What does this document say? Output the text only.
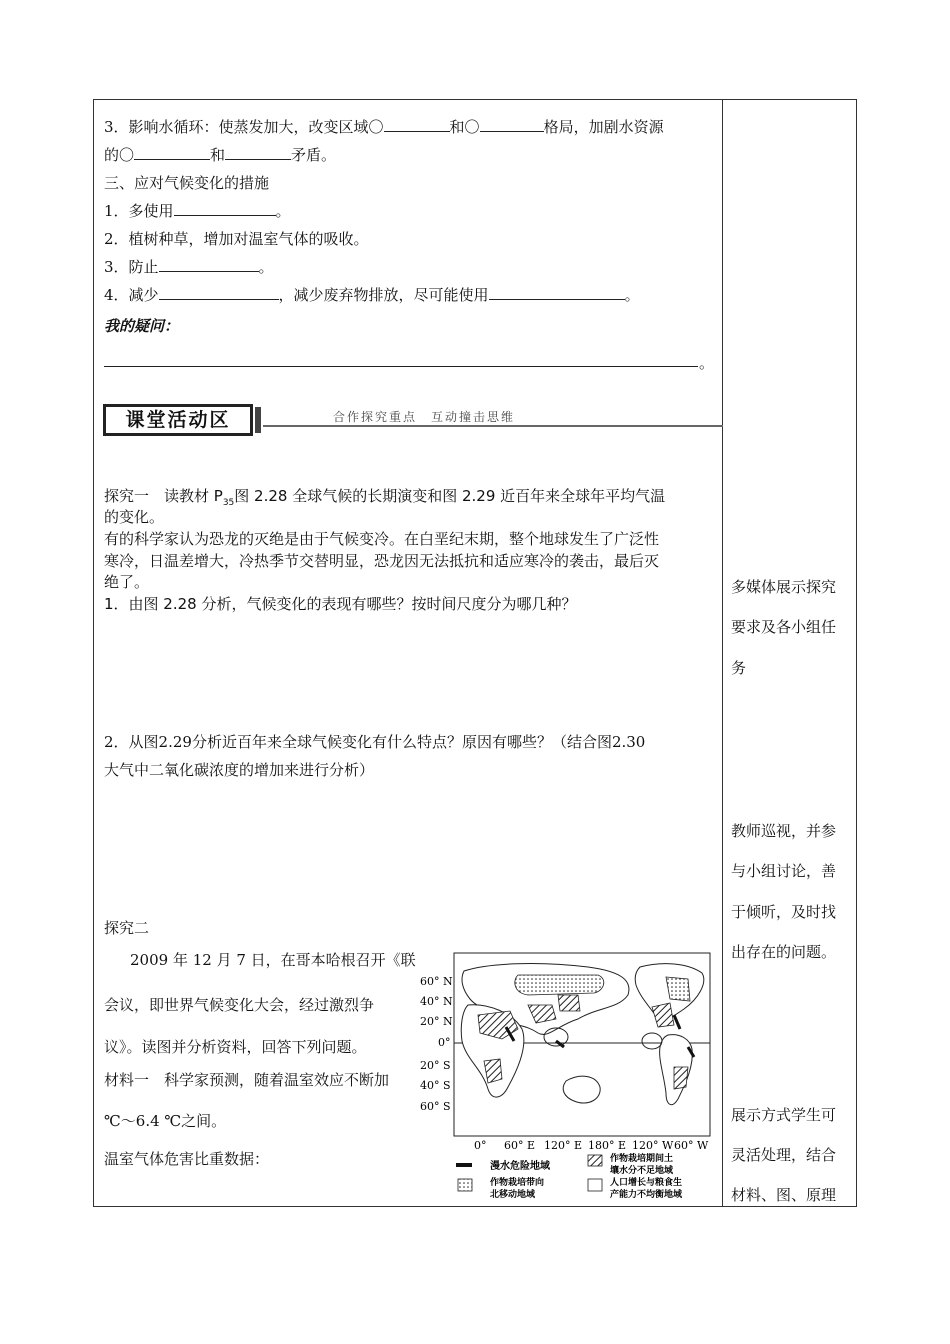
3．影响水循环：使蒸发加大，改变区域〇	和〇	格局，加剧水资源
的〇	和	矛盾。
三、应对气候变化的措施
1．多使用	。
2．植树种草，增加对温室气体的吸收。
3．防止	。
4．减少	，减少废弃物排放，尽可能使用	。
我的疑问：
。
课堂活动区	合作探究重点　互动撞击思维
探究一　读教材 $P_{35}$图 2.28 全球气候的长期演变和图 2.29 近百年来全球年平均气温
的变化。
有的科学家认为恐龙的灭绝是由于气候变冷。在白垩纪末期，整个地球发生了广泛性
寒冷，日温差增大，冷热季节交替明显，恐龙因无法抵抗和适应寒冷的袭击，最后灭
绝了。
1．由图 2.28 分析，气候变化的表现有哪些？按时间尺度分为哪几种？
2．从图2.29分析近百年来全球气候变化有什么特点？原因有哪些？（结合图2.30
大气中二氧化碳浓度的增加来进行分析）
探究二
2009 年 12 月 7 日，在哥本哈根召开《联
会议，即世界气候变化大会，经过激烈争
议》。读图并分析资料，回答下列问题。
材料一　科学家预测，随着温室效应不断加
℃～6.4 ℃之间。
温室气体危害比重数据：
60° N
40° N
20° N
0°
20° S
40° S
60° S
0° 60° E 120° E 180° E 120° W 60° W
漫水危险地域
作物栽培期间土
壤水分不足地域
作物栽培带向
北移动地域
人口增长与粮食生
产能力不均衡地域
多媒体展示探究
要求及各小组任
务
教师巡视，并参
与小组讨论，善
于倾听，及时找
出存在的问题。
展示方式学生可
灵活处理，结合
材料、图、原理
